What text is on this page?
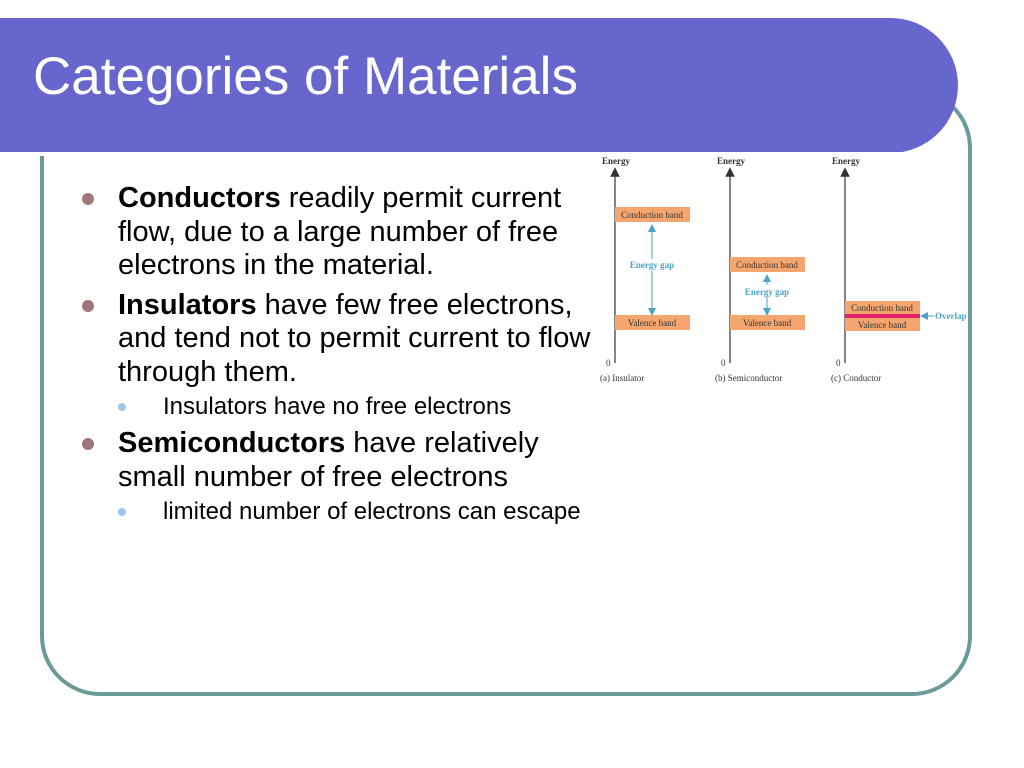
Categories of Materials
Conductors readily permit current flow, due to a large number of free electrons in the material.
Insulators have few free electrons, and tend not to permit current to flow through them.
Insulators have no free electrons
Semiconductors have relatively small number of free electrons
limited number of electrons can escape
Energy
0
Conduction band
Energy gap
Valence band
(a) Insulator
Energy
0
Conduction band
Energy gap
Valence band
(b) Semiconductor
Energy
0
Conduction band
Valence band
Overlap
(c) Conductor
